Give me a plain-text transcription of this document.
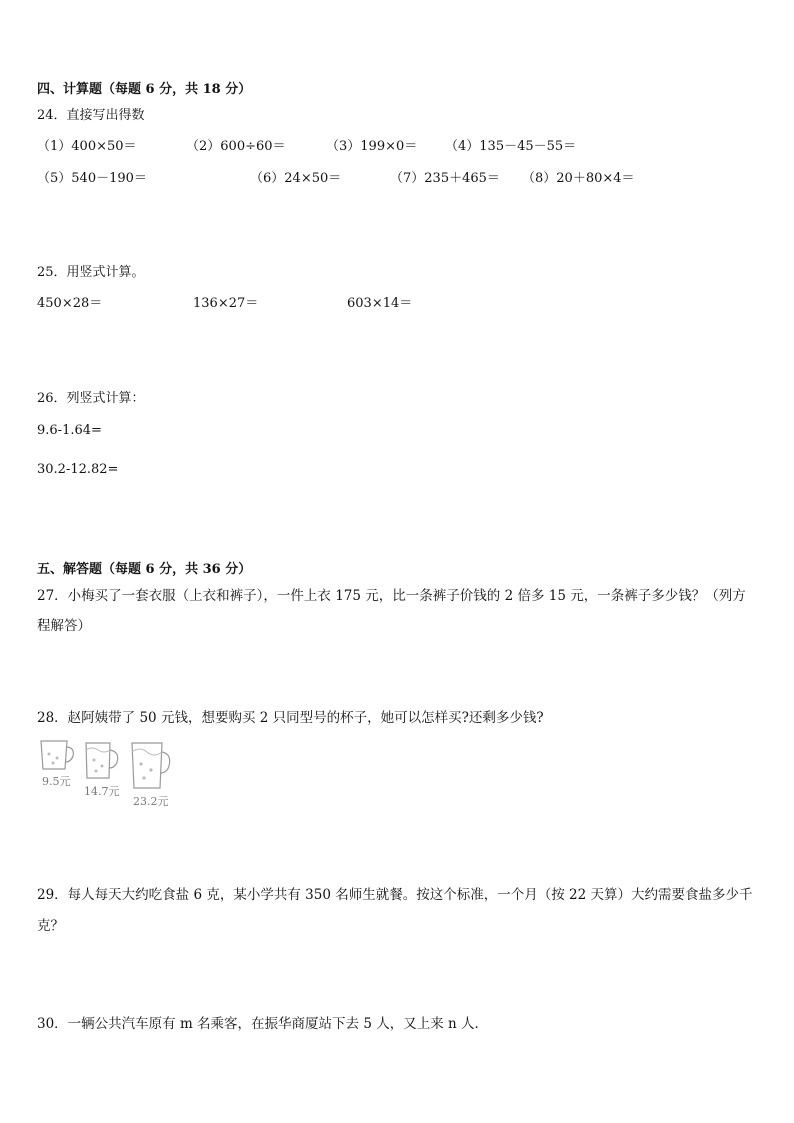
四、计算题（每题 6 分，共 18 分）
24．直接写出得数
（1）400×50＝	（2）600÷60＝	（3）199×0＝ （4）135－45－55＝
（5）540－190＝	（6）24×50＝	（7）235＋465＝ （8）20＋80×4＝
25．用竖式计算。
450×28＝	136×27＝	603×14＝
26．列竖式计算：
9.6-1.64=
30.2-12.82=
五、解答题（每题 6 分，共 36 分）
27．小梅买了一套衣服（上衣和裤子），一件上衣 175 元，比一条裤子价钱的 2 倍多 15 元，一条裤子多少钱？（列方
程解答）
28．赵阿姨带了 50 元钱，想要购买 2 只同型号的杯子，她可以怎样买?还剩多少钱?
9.5元
14.7元
23.2元
29．每人每天大约吃食盐 6 克，某小学共有 350 名师生就餐。按这个标准，一个月（按 22 天算）大约需要食盐多少千
克？
30．一辆公共汽车原有 m 名乘客，在振华商厦站下去 5 人，又上来 n 人．
